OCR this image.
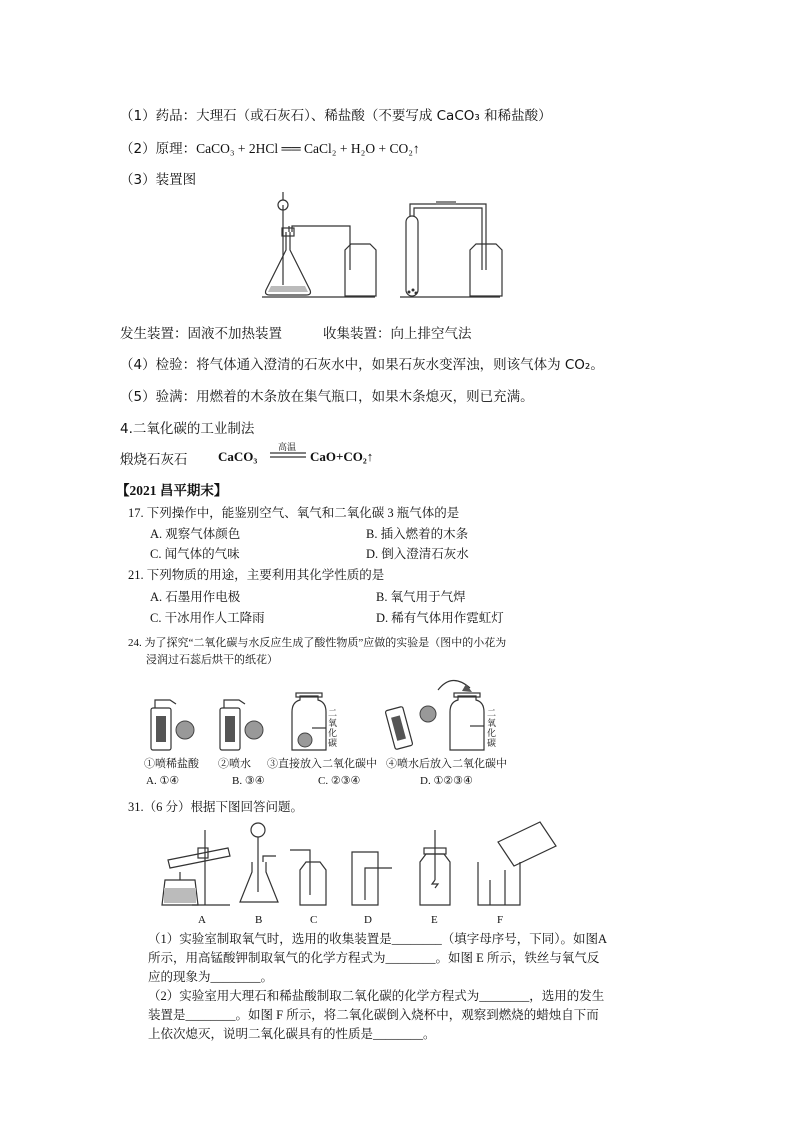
（1）药品：大理石（或石灰石）、稀盐酸（不要写成 CaCO₃ 和稀盐酸）
（2）原理：CaCO₃ + 2HCl ══ CaCl₂ + H₂O + CO₂↑
（3）装置图
发生装置：固液不加热装置	收集装置：向上排空气法
（4）检验：将气体通入澄清的石灰水中，如果石灰水变浑浊，则该气体为 CO₂。
（5）验满：用燃着的木条放在集气瓶口，如果木条熄灭，则已充满。
4.二氧化碳的工业制法
煅烧石灰石 CaCO₃
高温
CaO+CO₂↑
【2021 昌平期末】
17. 下列操作中，能鉴别空气、氧气和二氧化碳 3 瓶气体的是
A. 观察气体颜色	B. 插入燃着的木条
C. 闻气体的气味	D. 倒入澄清石灰水
21. 下列物质的用途，主要利用其化学性质的是
A. 石墨用作电极	B. 氧气用于气焊
C. 干冰用作人工降雨	D. 稀有气体用作霓虹灯
24. 为了探究“二氧化碳与水反应生成了酸性物质”应做的实验是（图中的小花为
浸润过石蕊后烘干的纸花）
二氧化碳
二氧化碳
①喷稀盐酸 ②喷水 ③直接放入二氧化碳中 ④喷水后放入二氧化碳中
A. ①④	B. ③④	C. ②③④	D. ①②③④
31.（6 分）根据下图回答问题。
A	B	C	D	E	F
（1）实验室制取氧气时，选用的收集装置是________（填字母序号，下同）。如图A 所示，用高锰酸钾制取氧气的化学方程式为________。如图 E 所示，铁丝与氧气反应的现象为________。
（2）实验室用大理石和稀盐酸制取二氧化碳的化学方程式为________，选用的发生装置是________。如图 F 所示，将二氧化碳倒入烧杯中，观察到燃烧的蜡烛自下而上依次熄灭，说明二氧化碳具有的性质是________。
